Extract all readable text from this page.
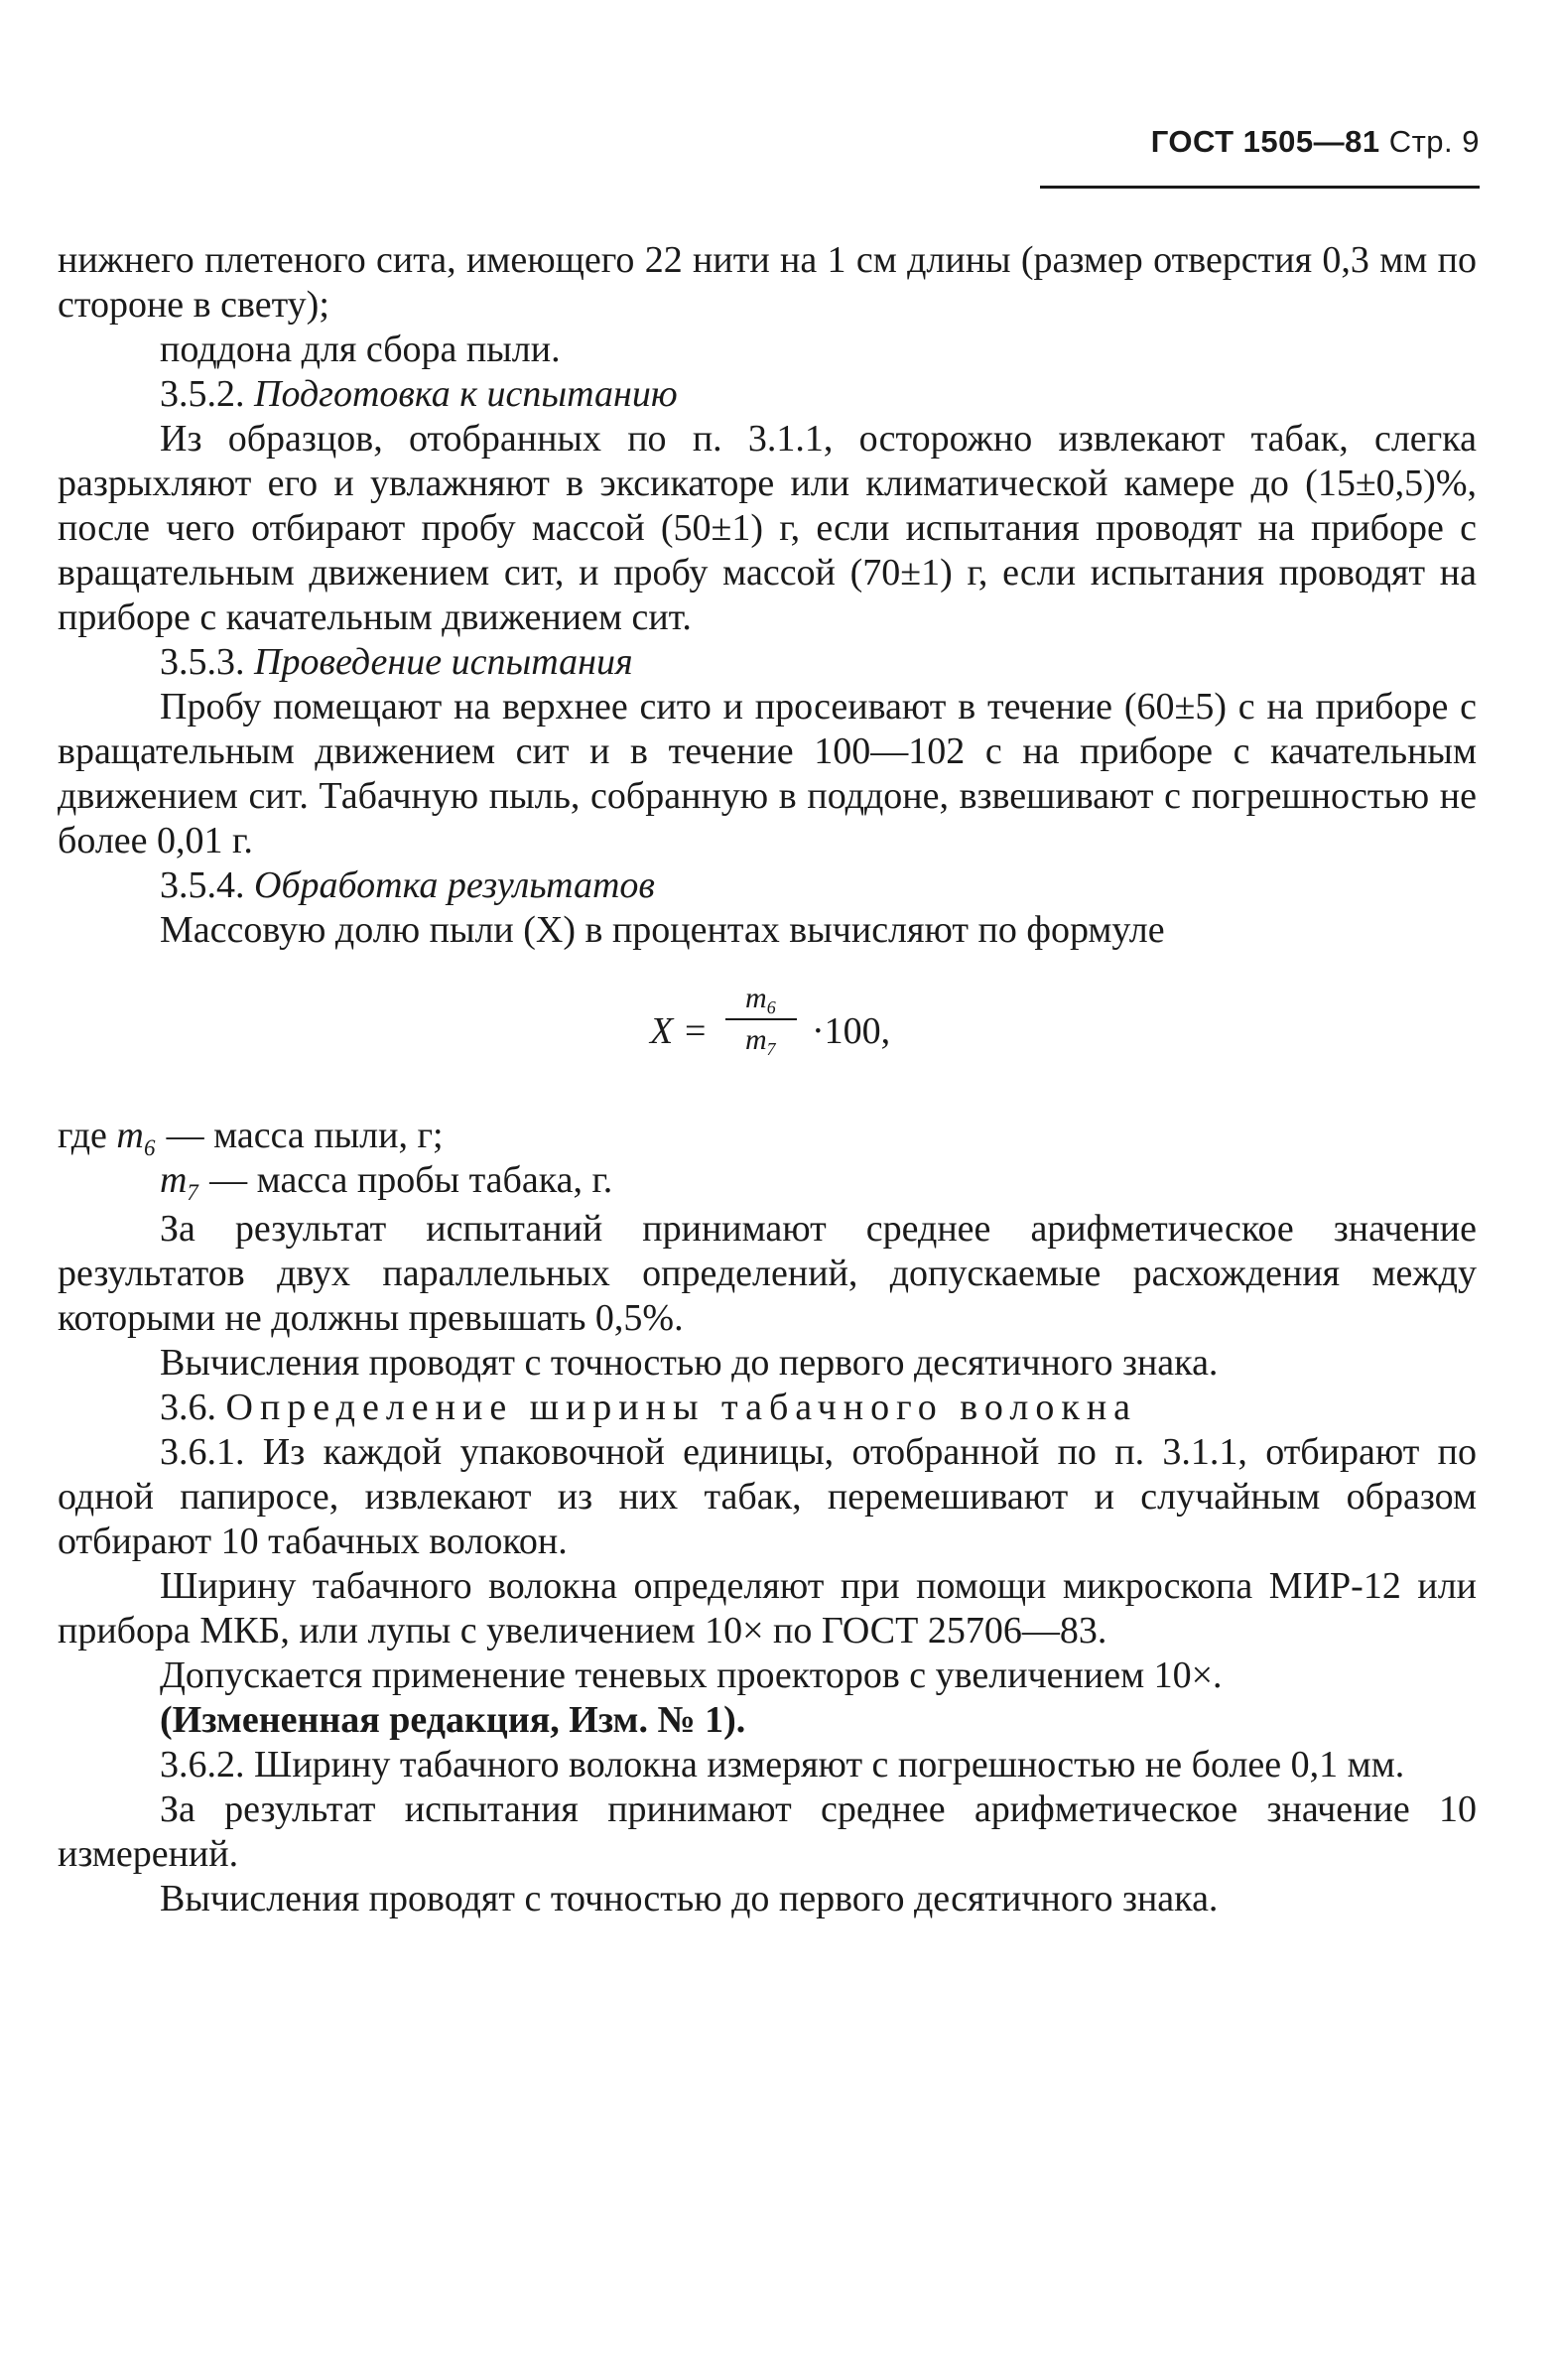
ГОСТ 1505—81 Стр. 9

нижнего плетеного сита, имеющего 22 нити на 1 см длины (размер отверстия 0,3 мм по стороне в свету);

поддона для сбора пыли.

3.5.2. Подготовка к испытанию

Из образцов, отобранных по п. 3.1.1, осторожно извлекают табак, слегка разрыхляют его и увлажняют в эксикаторе или климатической камере до (15±0,5)%, после чего отбирают пробу массой (50±1) г, если испытания проводят на приборе с вращательным движением сит, и пробу массой (70±1) г, если испытания проводят на приборе с качательным движением сит.

3.5.3. Проведение испытания

Пробу помещают на верхнее сито и просеивают в течение (60±5) с на приборе с вращательным движением сит и в течение 100—102 с на приборе с качательным движением сит. Табачную пыль, собранную в поддоне, взвешивают с погрешностью не более 0,01 г.

3.5.4. Обработка результатов

Массовую долю пыли (X) в процентах вычисляют по формуле

X =
m₆
m₇ ·100,
где m₆ — масса пыли, г;
m₇ — масса пробы табака, г.

За результат испытаний принимают среднее арифметическое значение результатов двух параллельных определений, допускаемые расхождения между которыми не должны превышать 0,5%.

Вычисления проводят с точностью до первого десятичного знака.

3.6. Определение ширины табачного волокна

3.6.1. Из каждой упаковочной единицы, отобранной по п. 3.1.1, отбирают по одной папиросе, извлекают из них табак, перемешивают и случайным образом отбирают 10 табачных волокон.

Ширину табачного волокна определяют при помощи микроскопа МИР-12 или прибора МКБ, или лупы с увеличением 10× по ГОСТ 25706—83.

Допускается применение теневых проекторов с увеличением 10×.

(Измененная редакция, Изм. № 1).

3.6.2. Ширину табачного волокна измеряют с погрешностью не более 0,1 мм.

За результат испытания принимают среднее арифметическое значение 10 измерений.

Вычисления проводят с точностью до первого десятичного знака.
